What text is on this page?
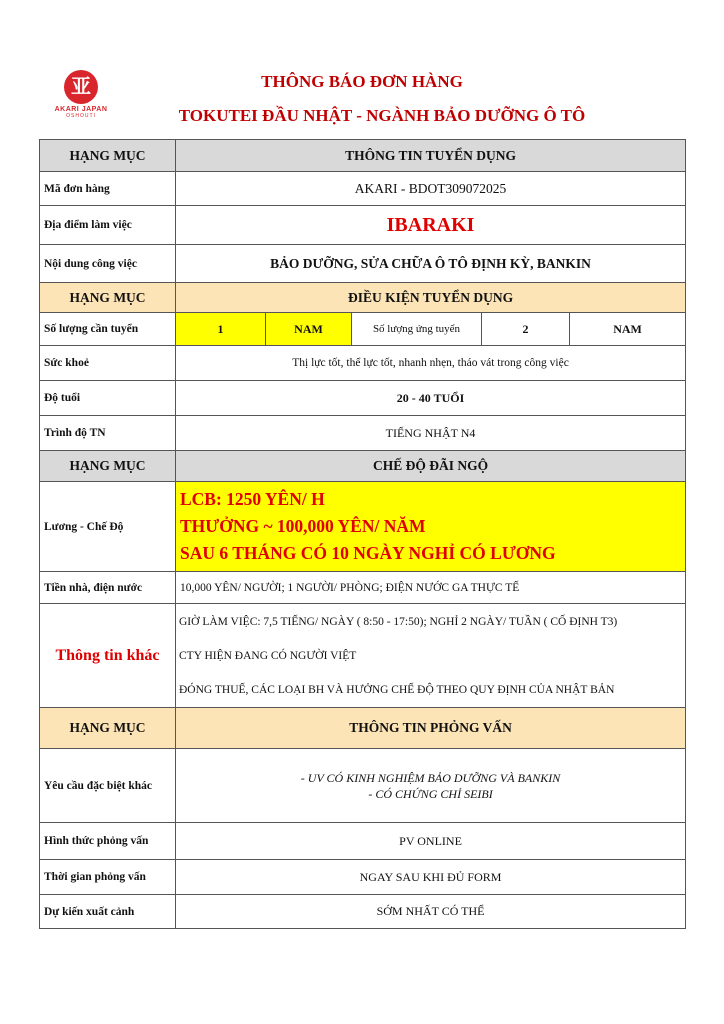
亚
AKARI JAPAN
OSHOUTI
THÔNG BÁO ĐƠN HÀNG
TOKUTEI ĐẦU NHẬT - NGÀNH BẢO DƯỠNG Ô TÔ
HẠNG MỤC	THÔNG TIN TUYỂN DỤNG				
Mã đơn hàng	AKARI - BDOT309072025				
Địa điểm làm việc	IBARAKI				
Nội dung công việc	BẢO DƯỠNG, SỬA CHỮA Ô TÔ ĐỊNH KỲ, BANKIN				
HẠNG MỤC	ĐIỀU KIỆN TUYỂN DỤNG				
Số lượng cần tuyển	1	NAM	Số lượng ứng tuyển	2	NAM
Sức khoẻ	Thị lực tốt, thể lực tốt, nhanh nhẹn, tháo vát trong công việc				
Độ tuổi	20 - 40 TUỔI				
Trình độ TN	TIẾNG NHẬT N4				
HẠNG MỤC	CHẾ ĐỘ ĐÃI NGỘ				
Lương - Chế Độ	LCB: 1250 YÊN/ H
THƯỞNG ~ 100,000 YÊN/ NĂM
SAU 6 THÁNG CÓ 10 NGÀY NGHỈ CÓ LƯƠNG				

Tiền nhà, điện nước	10,000 YÊN/ NGƯỜI; 1 NGƯỜI/ PHÒNG; ĐIỆN NƯỚC GA THỰC TẾ				
Thông tin khác	GIỜ LÀM VIỆC: 7,5 TIẾNG/ NGÀY ( 8:50 - 17:50); NGHỈ 2 NGÀY/ TUẦN ( CỐ ĐỊNH T3)
CTY HIỆN ĐANG CÓ NGƯỜI VIỆT
ĐÓNG THUẾ, CÁC LOẠI BH VÀ HƯỞNG CHẾ ĐỘ THEO QUY ĐỊNH CỦA NHẬT BẢN				

HẠNG MỤC	THÔNG TIN PHỎNG VẤN				
Yêu cầu đặc biệt khác	- UV CÓ KINH NGHIỆM BẢO DƯỠNG VÀ BANKIN
- CÓ CHỨNG CHỈ SEIBI				

Hình thức phỏng vấn	PV ONLINE				
Thời gian phỏng vấn	NGAY SAU KHI ĐỦ FORM				
Dự kiến xuất cảnh	SỚM NHẤT CÓ THỂ				
